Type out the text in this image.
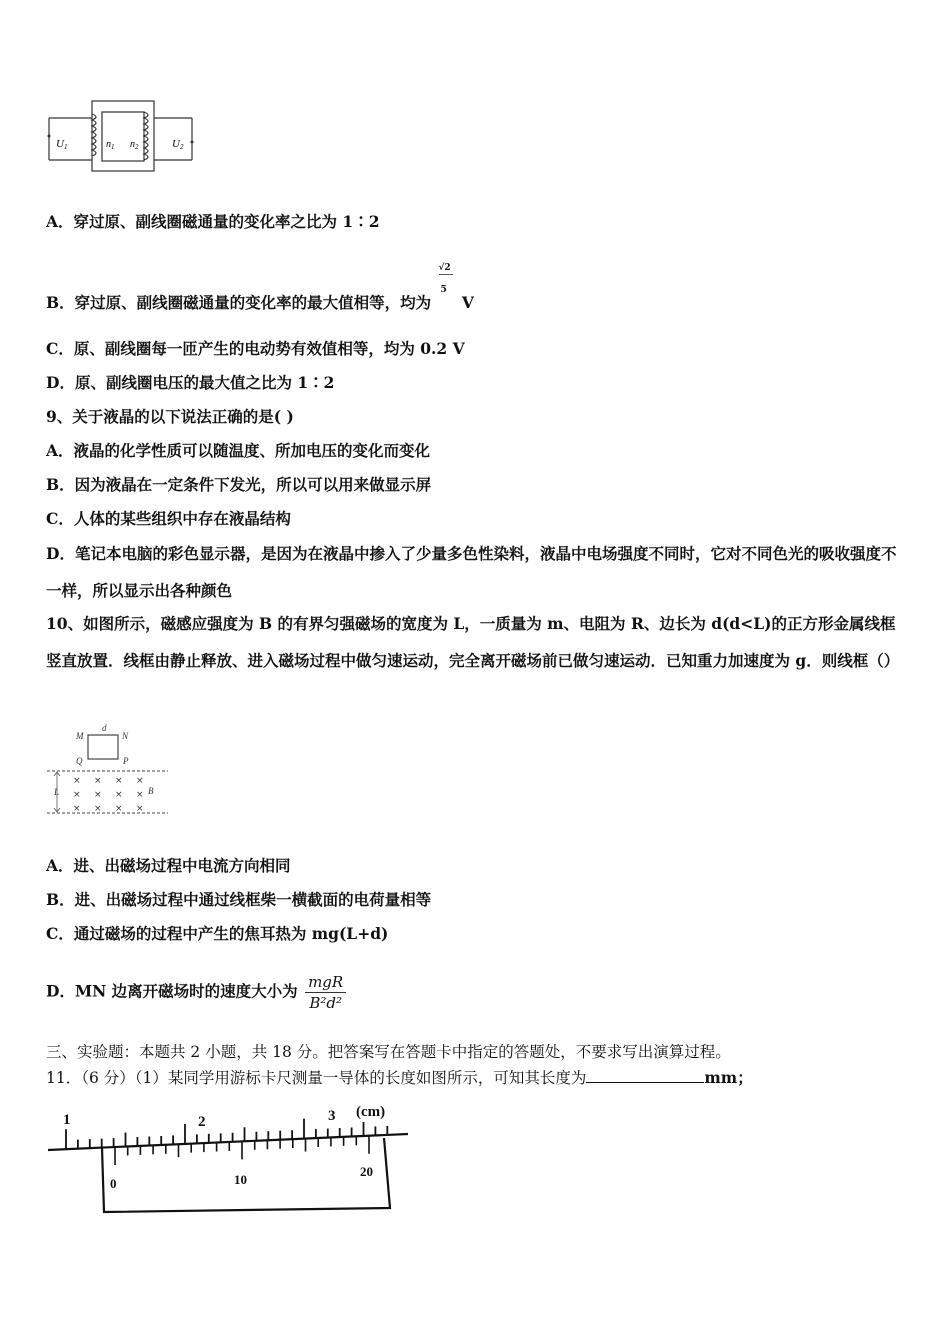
U1	$n_1$ $n_2$	U2
A．穿过原、副线圈磁通量的变化率之比为 1∶2
B．穿过原、副线圈磁通量的变化率的最大值相等，均为
$\frac{√2}{5}$
V
C．原、副线圈每一匝产生的电动势有效值相等，均为 0.2 V
D．原、副线圈电压的最大值之比为 1∶2
9、关于液晶的以下说法正确的是( )
A．液晶的化学性质可以随温度、所加电压的变化而变化
B．因为液晶在一定条件下发光，所以可以用来做显示屏
C．人体的某些组织中存在液晶结构
D．笔记本电脑的彩色显示器，是因为在液晶中掺入了少量多色性染料，液晶中电场强度不同时，它对不同色光的吸收强度不一样，所以显示出各种颜色
10、如图所示，磁感应强度为 B 的有界匀强磁场的宽度为 L，一质量为 m、电阻为 R、边长为 d(d<L)的正方形金属线框竖直放置．线框由静止释放、进入磁场过程中做匀速运动，完全离开磁场前已做匀速运动．已知重力加速度为 g．则线框（）
d
M	N
Q	P
L	B
× × × ×
× × × ×
× × × ×
A．进、出磁场过程中电流方向相同
B．进、出磁场过程中通过线框柴一横截面的电荷量相等
C．通过磁场的过程中产生的焦耳热为 mg(L+d)
D．MN 边离开磁场时的速度大小为 $\frac{\text{mgR}}{\text{B²d²}}$
三、实验题：本题共 2 小题，共 18 分。把答案写在答题卡中指定的答题处，不要求写出演算过程。
11．（6 分）（1）某同学用游标卡尺测量一导体的长度如图所示，可知其长度为	mm；
1	2	3 (cm)
0	10
20
